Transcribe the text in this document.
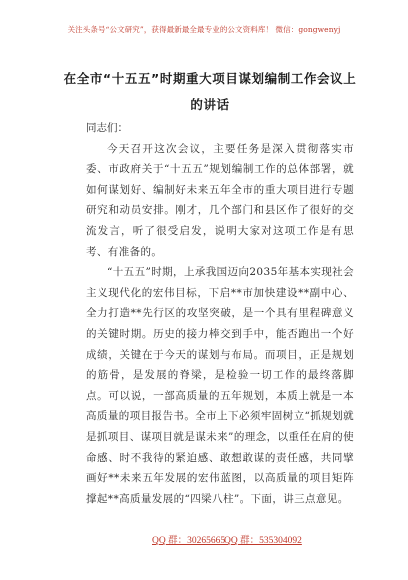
关注头条号“公文研究”，获得最新最全最专业的公文资料库！ 微信：gongwenyj
在全市“十五五”时期重大项目谋划编制工作会议上的讲话

同志们：

今天召开这次会议，主要任务是深入贯彻落实市委、市政府关于“十五五”规划编制工作的总体部署，就如何谋划好、编制好未来五年全市的重大项目进行专题研究和动员安排。刚才，几个部门和县区作了很好的交流发言，听了很受启发，说明大家对这项工作是有思考、有准备的。

“十五五”时期，上承我国迈向2035年基本实现社会主义现代化的宏伟目标，下启**市加快建设**副中心、全力打造**先行区的攻坚突破，是一个具有里程碑意义的关键时期。历史的接力棒交到手中，能否跑出一个好成绩，关键在于今天的谋划与布局。而项目，正是规划的筋骨，是发展的脊梁，是检验一切工作的最终落脚点。可以说，一部高质量的五年规划，本质上就是一本高质量的项目报告书。全市上下必须牢固树立“抓规划就是抓项目、谋项目就是谋未来”的理念，以重任在肩的使命感、时不我待的紧迫感、敢想敢谋的责任感，共同擘画好**未来五年发展的宏伟蓝图，以高质量的项目矩阵撑起**高质量发展的“四梁八柱”。下面，讲三点意见。

QQ 群：30265665
QQ 群：535304092
